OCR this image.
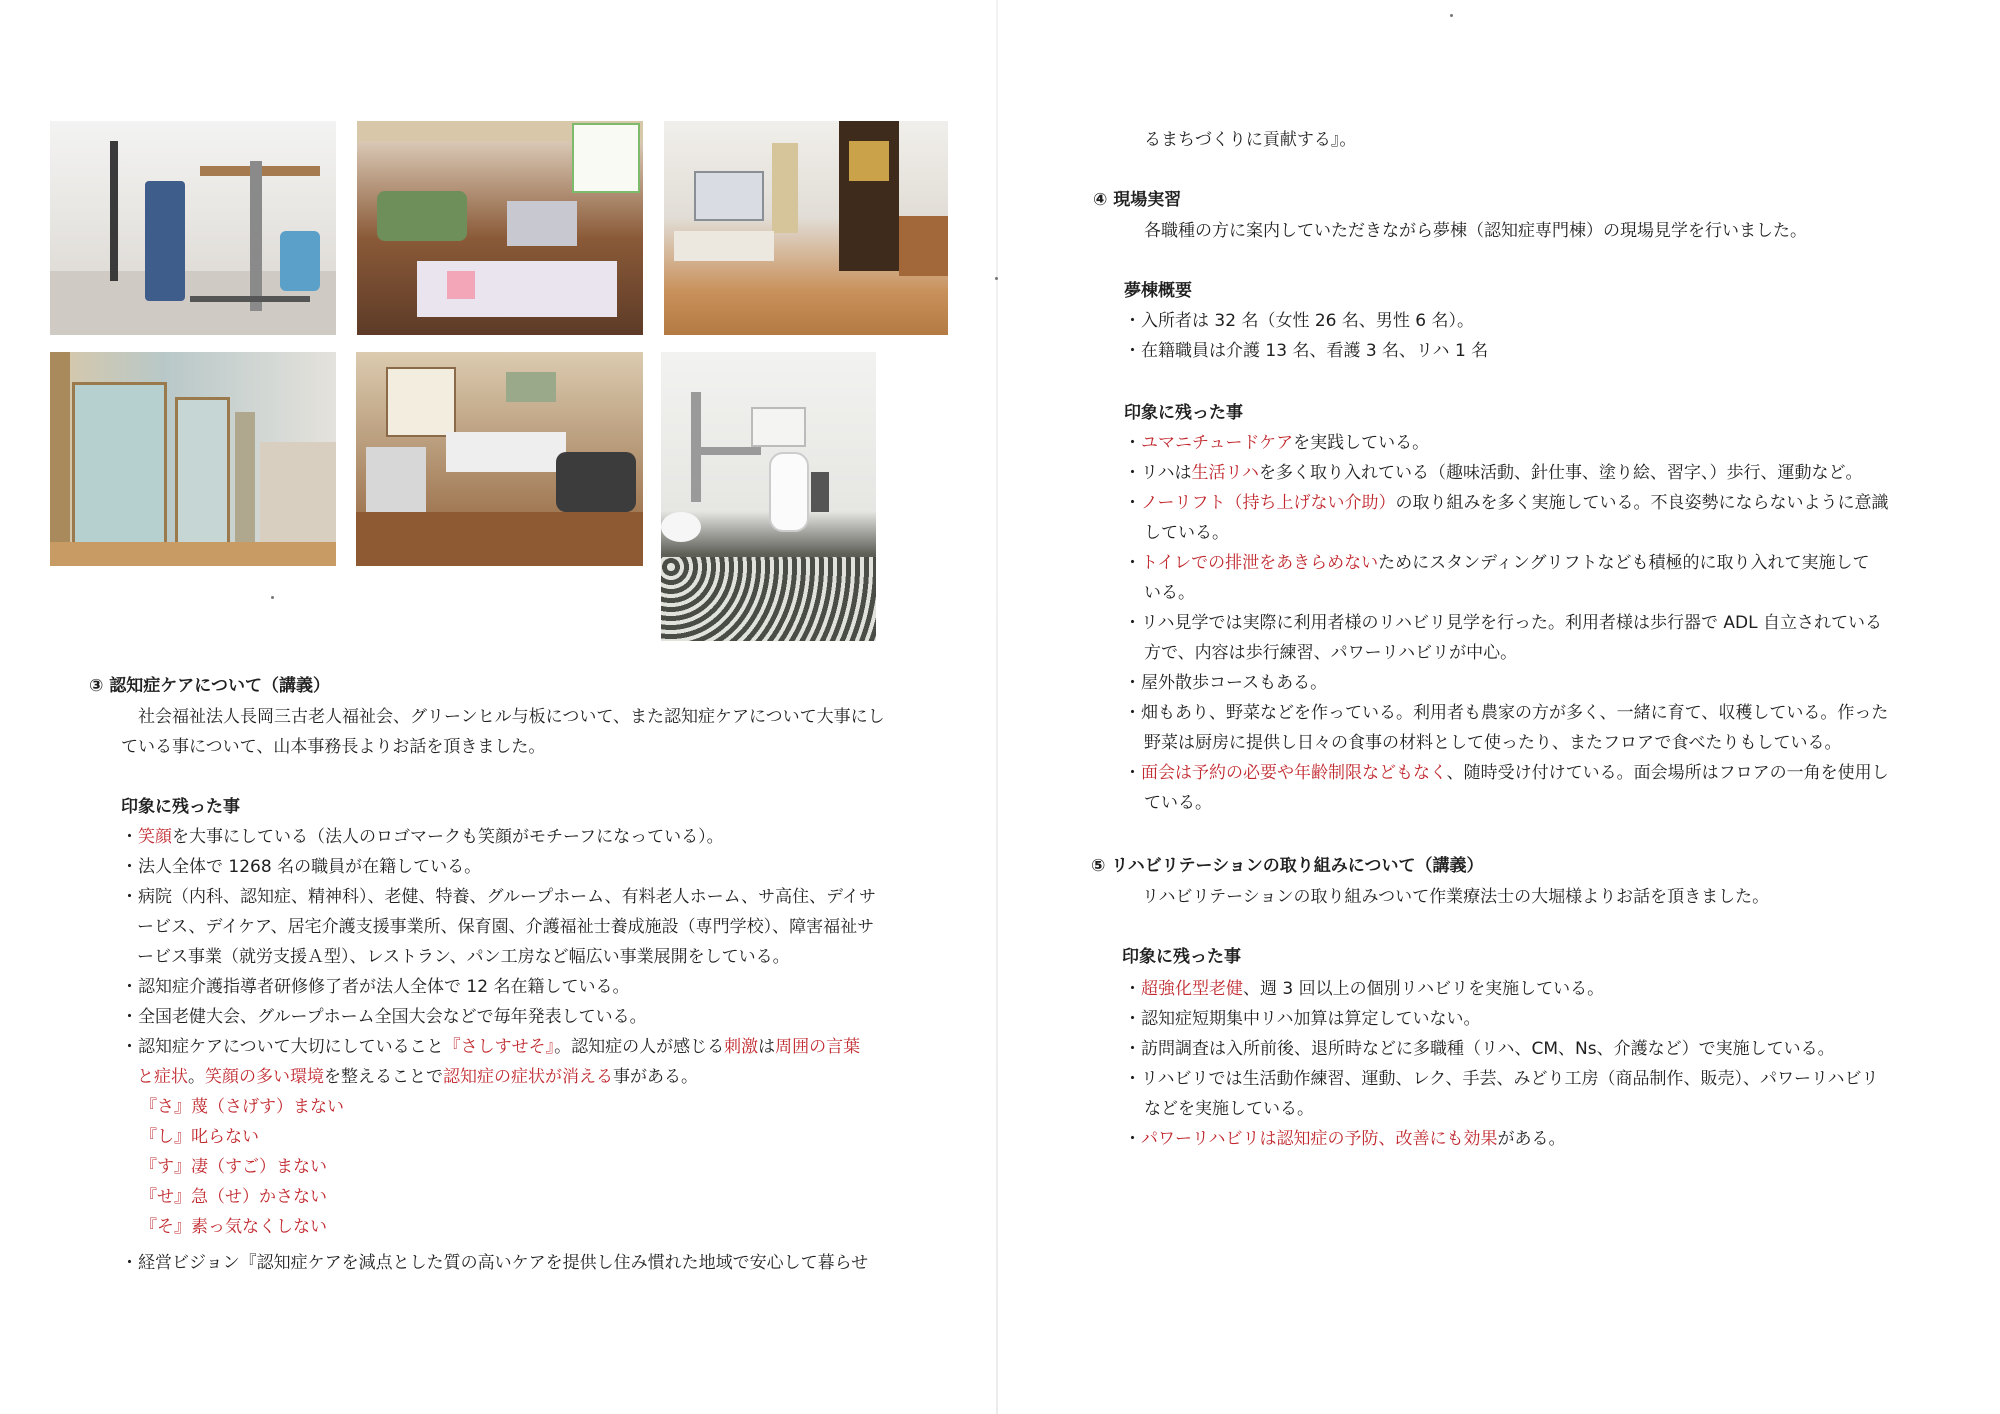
③ 認知症ケアについて（講義）
社会福祉法人長岡三古老人福祉会、グリーンヒル与板について、また認知症ケアについて大事にし
ている事について、山本事務長よりお話を頂きました。
印象に残った事
・笑顔を大事にしている（法人のロゴマークも笑顔がモチーフになっている）。
・法人全体で 1268 名の職員が在籍している。
・病院（内科、認知症、精神科）、老健、特養、グループホーム、有料老人ホーム、サ高住、デイサ
ービス、デイケア、居宅介護支援事業所、保育園、介護福祉士養成施設（専門学校）、障害福祉サ
ービス事業（就労支援Ａ型）、レストラン、パン工房など幅広い事業展開をしている。
・認知症介護指導者研修修了者が法人全体で 12 名在籍している。
・全国老健大会、グループホーム全国大会などで毎年発表している。
・認知症ケアについて大切にしていること『さしすせそ』。認知症の人が感じる刺激は周囲の言葉
と症状。笑顔の多い環境を整えることで認知症の症状が消える事がある。
『さ』蔑（さげす）まない
『し』叱らない
『す』凄（すご）まない
『せ』急（せ）かさない
『そ』素っ気なくしない
・経営ビジョン『認知症ケアを減点とした質の高いケアを提供し住み慣れた地域で安心して暮らせ
るまちづくりに貢献する』。
④ 現場実習
各職種の方に案内していただきながら夢棟（認知症専門棟）の現場見学を行いました。
夢棟概要
・入所者は 32 名（女性 26 名、男性 6 名）。
・在籍職員は介護 13 名、看護 3 名、リハ 1 名
印象に残った事
・ユマニチュードケアを実践している。
・リハは生活リハを多く取り入れている（趣味活動、針仕事、塗り絵、習字、）歩行、運動など。
・ノーリフト（持ち上げない介助）の取り組みを多く実施している。不良姿勢にならないように意識
している。
・トイレでの排泄をあきらめないためにスタンディングリフトなども積極的に取り入れて実施して
いる。
・リハ見学では実際に利用者様のリハビリ見学を行った。利用者様は歩行器で ADL 自立されている
方で、内容は歩行練習、パワーリハビリが中心。
・屋外散歩コースもある。
・畑もあり、野菜などを作っている。利用者も農家の方が多く、一緒に育て、収穫している。作った
野菜は厨房に提供し日々の食事の材料として使ったり、またフロアで食べたりもしている。
・面会は予約の必要や年齢制限などもなく、随時受け付けている。面会場所はフロアの一角を使用し
ている。
⑤ リハビリテーションの取り組みについて（講義）
リハビリテーションの取り組みついて作業療法士の大堀様よりお話を頂きました。
印象に残った事
・超強化型老健、週 3 回以上の個別リハビリを実施している。
・認知症短期集中リハ加算は算定していない。
・訪問調査は入所前後、退所時などに多職種（リハ、CM、Ns、介護など）で実施している。
・リハビリでは生活動作練習、運動、レク、手芸、みどり工房（商品制作、販売）、パワーリハビリ
などを実施している。
・パワーリハビリは認知症の予防、改善にも効果がある。
